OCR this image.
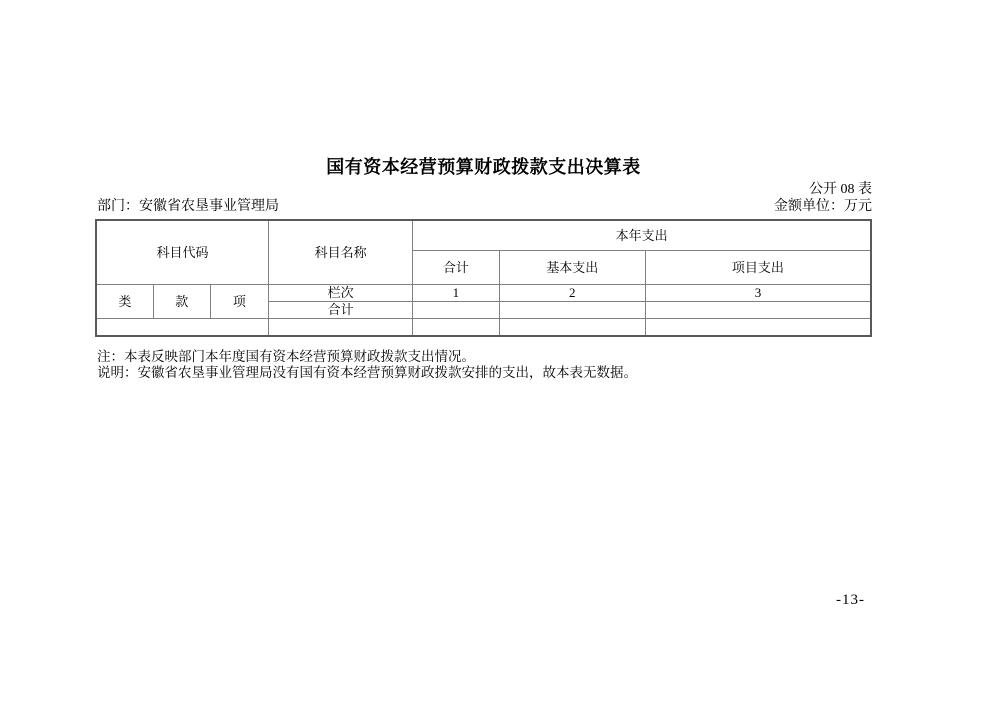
国有资本经营预算财政拨款支出决算表
公开 08 表
部门：安徽省农垦事业管理局	金额单位：万元
科目代码			科目名称	本年支出		
				合计	基本支出	项目支出
类	款	项	栏次	1	2	3
			合计			

注：本表反映部门本年度国有资本经营预算财政拨款支出情况。
说明：安徽省农垦事业管理局没有国有资本经营预算财政拨款安排的支出，故本表无数据。
-13-
